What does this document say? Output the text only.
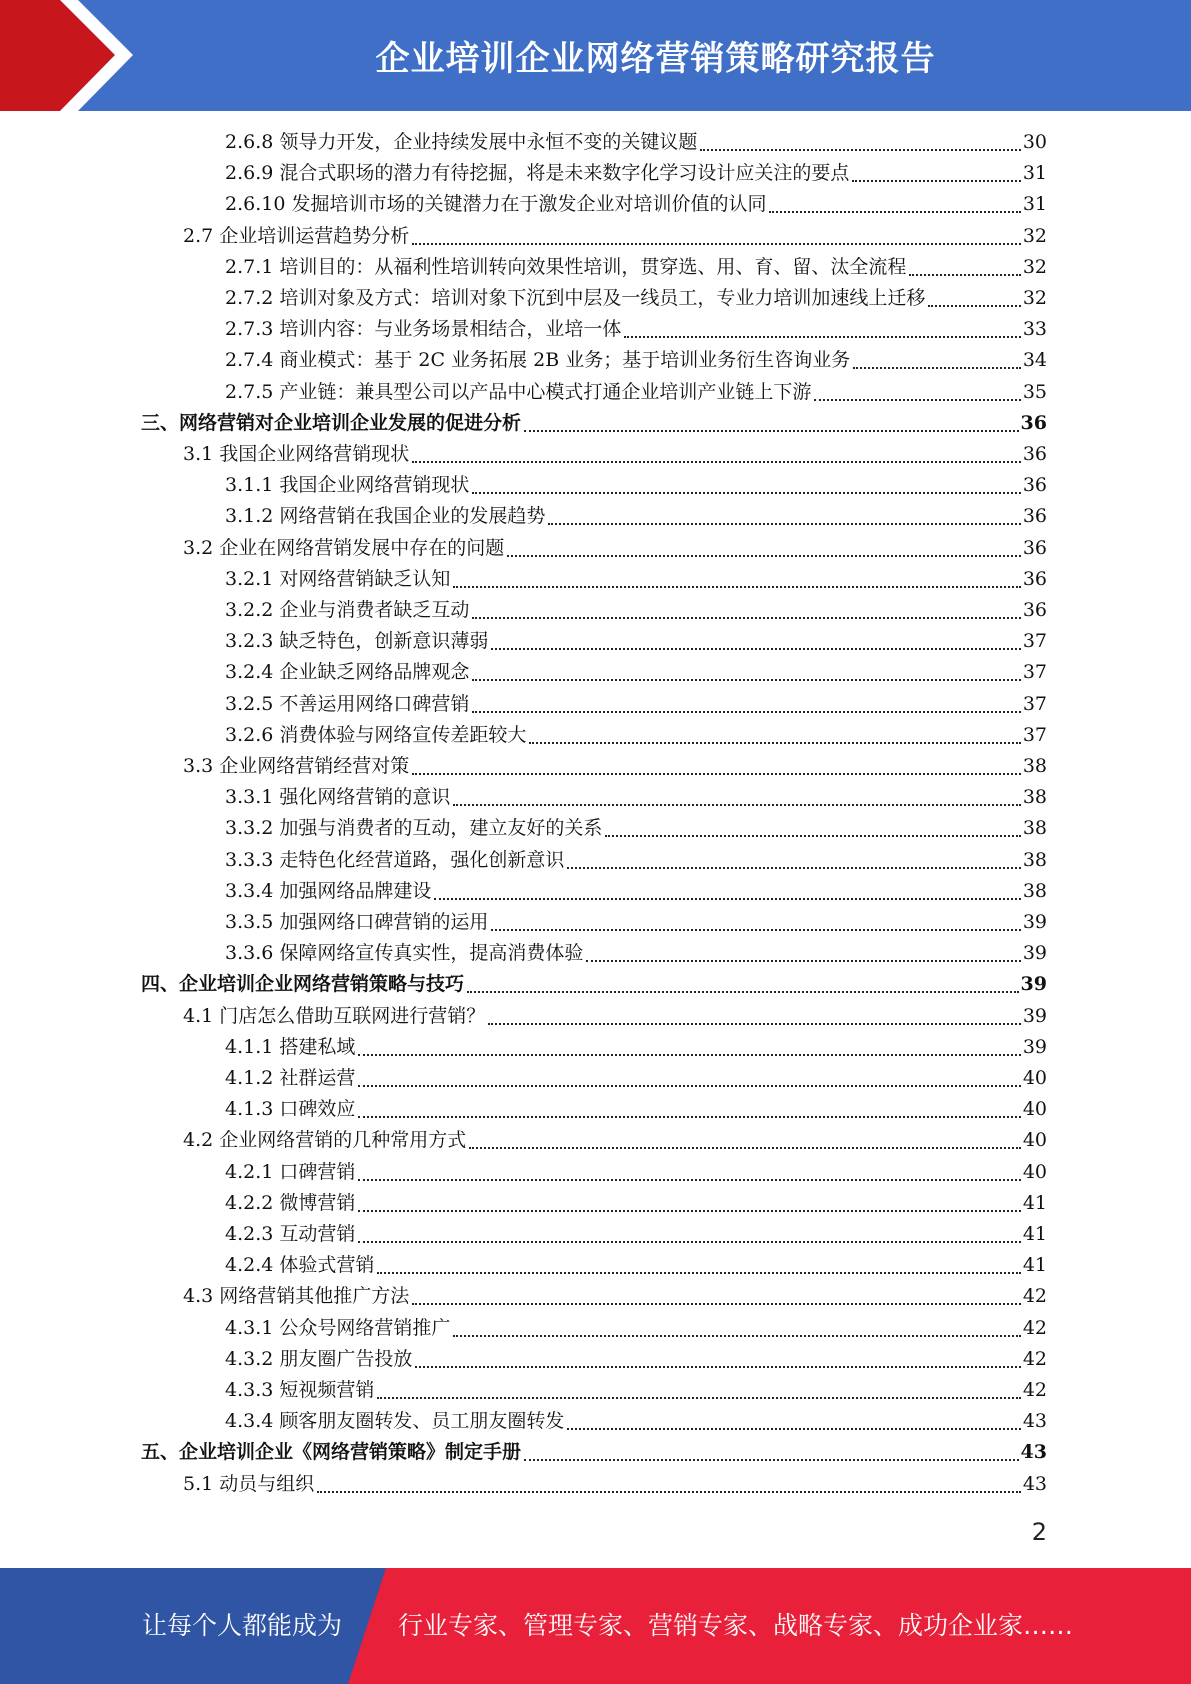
企业培训企业网络营销策略研究报告
2.6.8 领导力开发，企业持续发展中永恒不变的关键议题	30
2.6.9 混合式职场的潜力有待挖掘，将是未来数字化学习设计应关注的要点	31
2.6.10 发掘培训市场的关键潜力在于激发企业对培训价值的认同	31
2.7 企业培训运营趋势分析	32
2.7.1 培训目的：从福利性培训转向效果性培训，贯穿选、用、育、留、汰全流程	32
2.7.2 培训对象及方式：培训对象下沉到中层及一线员工，专业力培训加速线上迁移	32
2.7.3 培训内容：与业务场景相结合，业培一体	33
2.7.4 商业模式：基于 2C 业务拓展 2B 业务；基于培训业务衍生咨询业务	34
2.7.5 产业链：兼具型公司以产品中心模式打通企业培训产业链上下游	35
三、网络营销对企业培训企业发展的促进分析	36
3.1 我国企业网络营销现状	36
3.1.1 我国企业网络营销现状	36
3.1.2 网络营销在我国企业的发展趋势	36
3.2 企业在网络营销发展中存在的问题	36
3.2.1 对网络营销缺乏认知	36
3.2.2 企业与消费者缺乏互动	36
3.2.3 缺乏特色，创新意识薄弱	37
3.2.4 企业缺乏网络品牌观念	37
3.2.5 不善运用网络口碑营销	37
3.2.6 消费体验与网络宣传差距较大	37
3.3 企业网络营销经营对策	38
3.3.1 强化网络营销的意识	38
3.3.2 加强与消费者的互动，建立友好的关系	38
3.3.3 走特色化经营道路，强化创新意识	38
3.3.4 加强网络品牌建设	38
3.3.5 加强网络口碑营销的运用	39
3.3.6 保障网络宣传真实性，提高消费体验	39
四、企业培训企业网络营销策略与技巧	39
4.1 门店怎么借助互联网进行营销？	39
4.1.1 搭建私域	39
4.1.2 社群运营	40
4.1.3 口碑效应	40
4.2 企业网络营销的几种常用方式	40
4.2.1 口碑营销	40
4.2.2 微博营销	41
4.2.3 互动营销	41
4.2.4 体验式营销	41
4.3 网络营销其他推广方法	42
4.3.1 公众号网络营销推广	42
4.3.2 朋友圈广告投放	42
4.3.3 短视频营销	42
4.3.4 顾客朋友圈转发、员工朋友圈转发	43
五、企业培训企业《网络营销策略》制定手册	43
5.1 动员与组织	43
2
让每个人都能成为 行业专家、管理专家、营销专家、战略专家、成功企业家……
